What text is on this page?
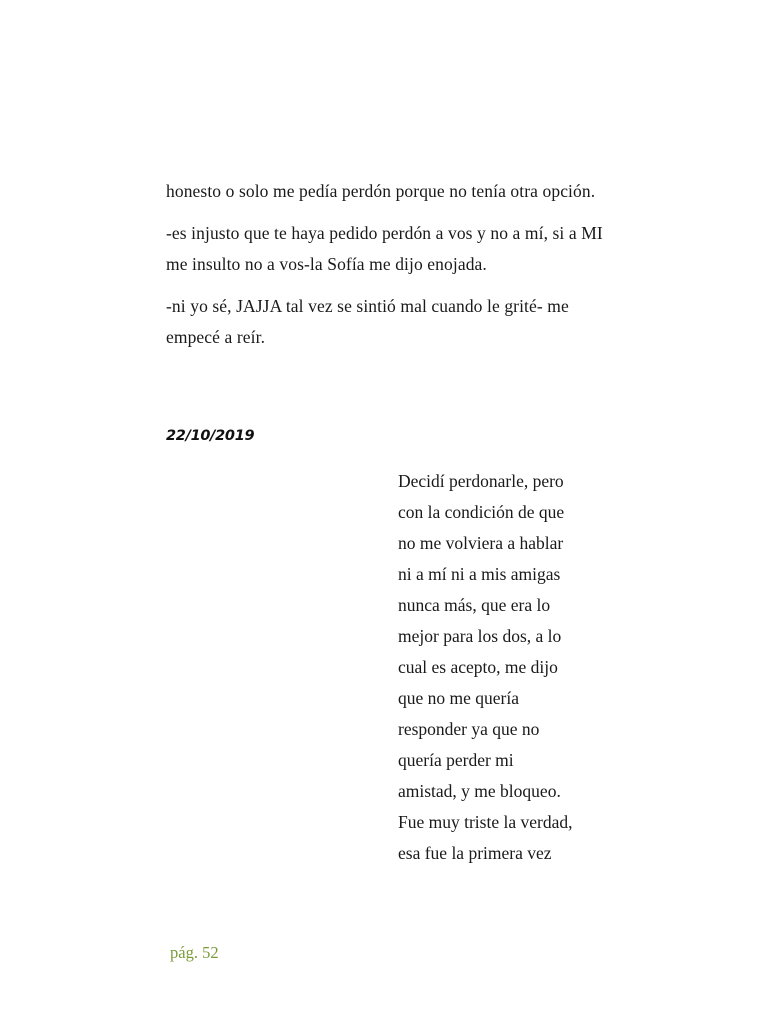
honesto o solo me pedía perdón porque no tenía otra opción.

-es injusto que te haya pedido perdón a vos y no a mí, si a MI me insulto no a vos-la Sofía me dijo enojada.

-ni yo sé, JAJJA tal vez se sintió mal cuando le grité- me empecé a reír.

22/10/2019
Decidí perdonarle, pero
con la condición de que
no me volviera a hablar
ni a mí ni a mis amigas
nunca más, que era lo
mejor para los dos, a lo
cual es acepto, me dijo
que no me quería
responder ya que no
quería perder mi
amistad, y me bloqueo.
Fue muy triste la verdad,
esa fue la primera vez
pág. 52
